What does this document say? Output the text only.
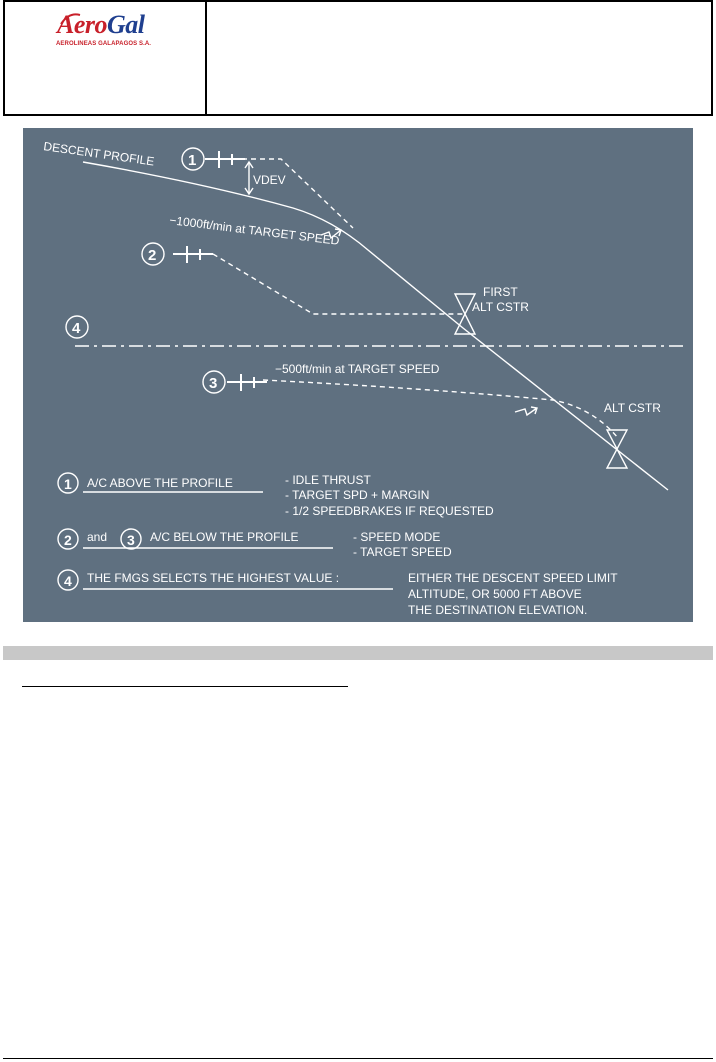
AeroGal
AEROLINEAS GALAPAGOS S.A.
DESCENT PROFILE
VDEV
−1000ft/min at TARGET SPEED
FIRST
ALT CSTR
−500ft/min at TARGET SPEED
ALT CSTR
1
2
4
3
1 A/C ABOVE THE PROFILE	- IDLE THRUST
- TARGET SPD + MARGIN
- 1/2 SPEEDBRAKES IF REQUESTED
2 and 3 A/C BELOW THE PROFILE	- SPEED MODE
- TARGET SPEED
4 THE FMGS SELECTS THE HIGHEST VALUE :	EITHER THE DESCENT SPEED LIMIT
ALTITUDE, OR 5000 FT ABOVE
THE DESTINATION ELEVATION.
